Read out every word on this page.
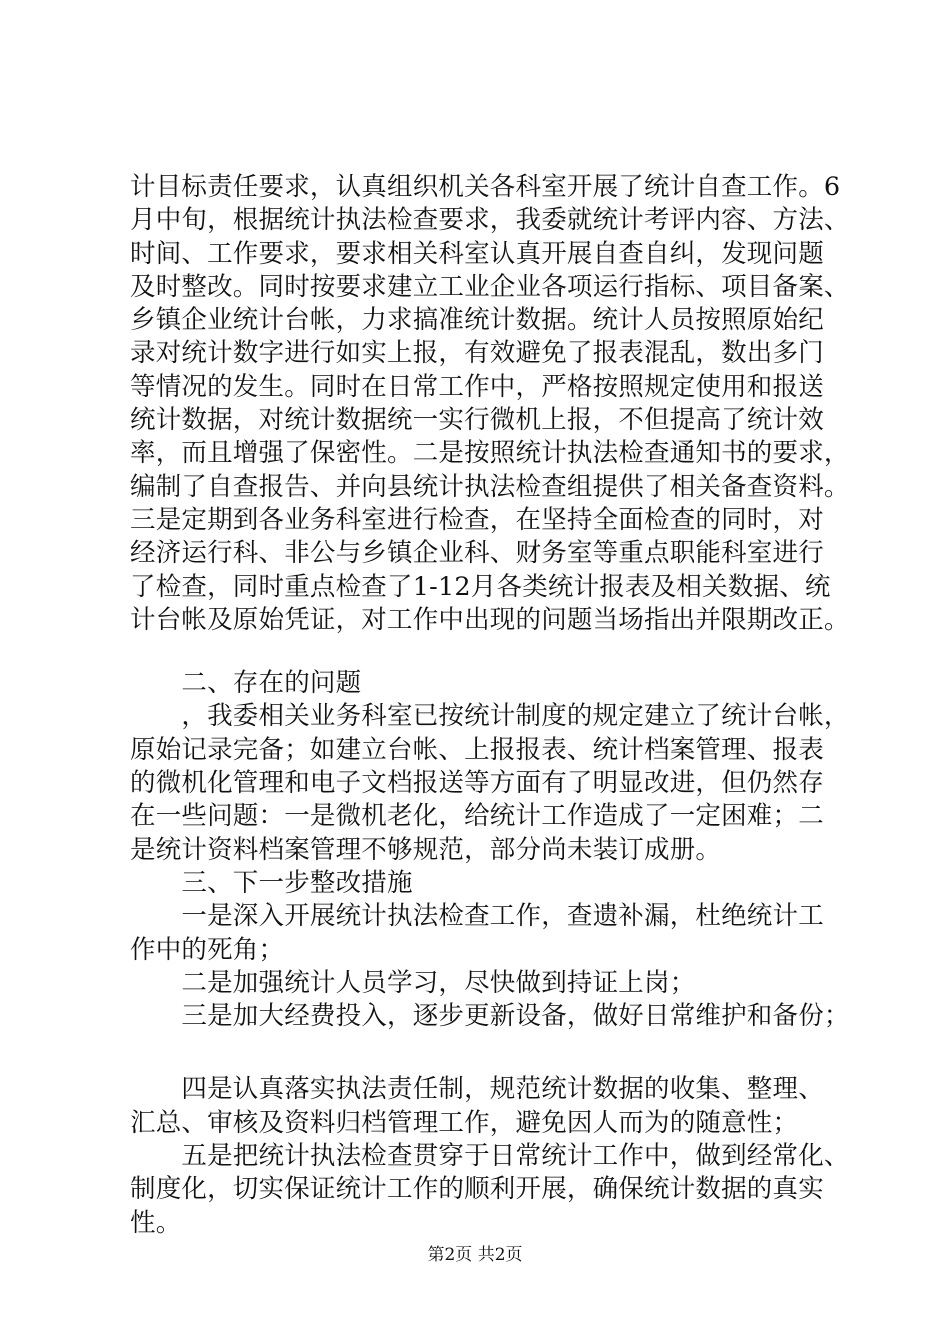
计目标责任要求，认真组织机关各科室开展了统计自查工作。6
月中旬，根据统计执法检查要求，我委就统计考评内容、方法、
时间、工作要求，要求相关科室认真开展自查自纠，发现问题
及时整改。同时按要求建立工业企业各项运行指标、项目备案、
乡镇企业统计台帐，力求搞准统计数据。统计人员按照原始纪
录对统计数字进行如实上报，有效避免了报表混乱，数出多门
等情况的发生。同时在日常工作中，严格按照规定使用和报送
统计数据，对统计数据统一实行微机上报，不但提高了统计效
率，而且增强了保密性。二是按照统计执法检查通知书的要求，
编制了自查报告、并向县统计执法检查组提供了相关备查资料。
三是定期到各业务科室进行检查，在坚持全面检查的同时，对
经济运行科、非公与乡镇企业科、财务室等重点职能科室进行
了检查，同时重点检查了1-12月各类统计报表及相关数据、统
计台帐及原始凭证，对工作中出现的问题当场指出并限期改正。
　　二、存在的问题
　　，我委相关业务科室已按统计制度的规定建立了统计台帐，
原始记录完备；如建立台帐、上报报表、统计档案管理、报表
的微机化管理和电子文档报送等方面有了明显改进，但仍然存
在一些问题：一是微机老化，给统计工作造成了一定困难；二
是统计资料档案管理不够规范，部分尚未装订成册。
　　三、下一步整改措施
　　一是深入开展统计执法检查工作，查遗补漏，杜绝统计工
作中的死角；
　　二是加强统计人员学习，尽快做到持证上岗；
　　三是加大经费投入，逐步更新设备，做好日常维护和备份；
　　四是认真落实执法责任制，规范统计数据的收集、整理、
汇总、审核及资料归档管理工作，避免因人而为的随意性；
　　五是把统计执法检查贯穿于日常统计工作中，做到经常化、
制度化，切实保证统计工作的顺利开展，确保统计数据的真实
性。
第2页 共2页
